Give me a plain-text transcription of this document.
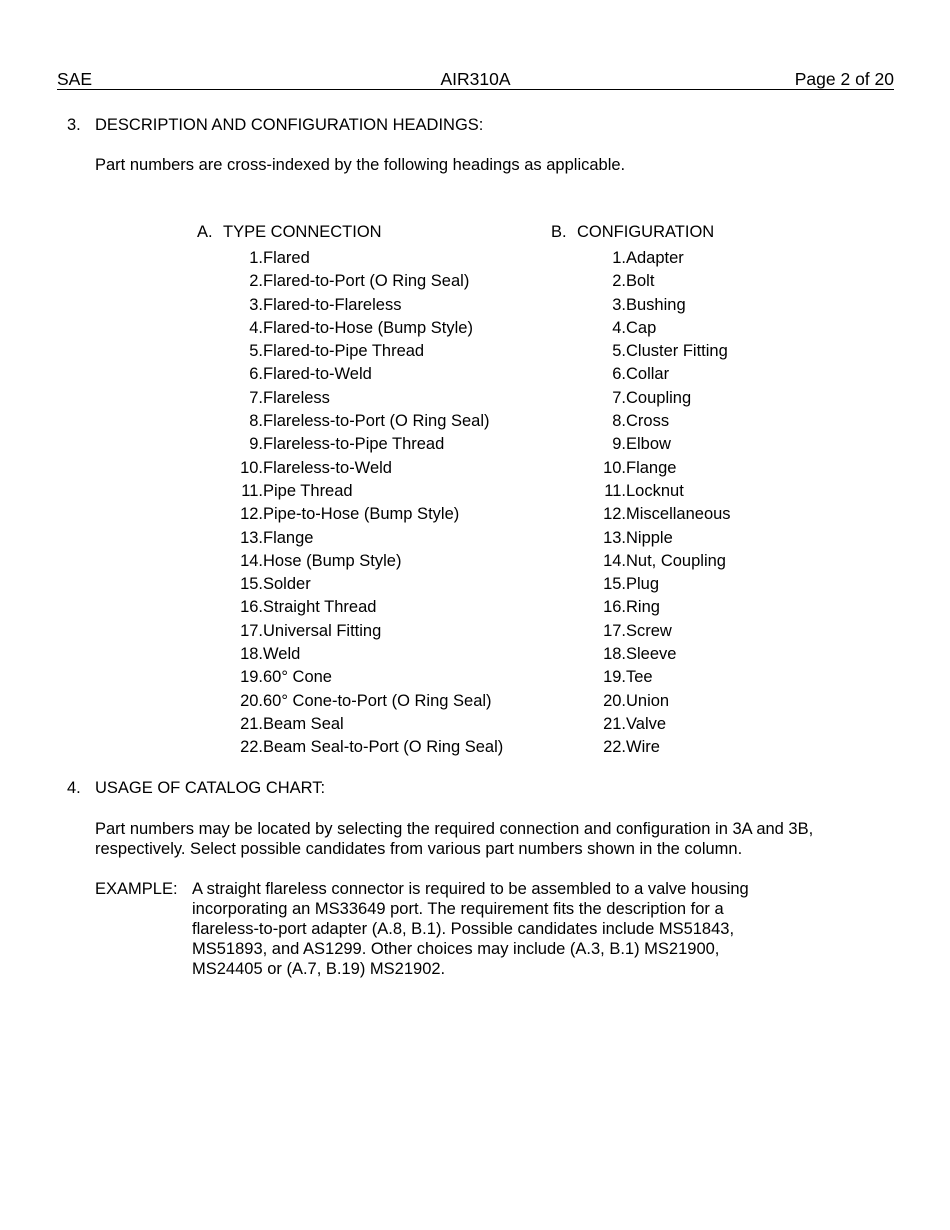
SAE	AIR310A	Page 2 of 20
3. DESCRIPTION AND CONFIGURATION HEADINGS:
Part numbers are cross-indexed by the following headings as applicable.
A. TYPE CONNECTION
1. Flared
2. Flared-to-Port (O Ring Seal)
3. Flared-to-Flareless
4. Flared-to-Hose (Bump Style)
5. Flared-to-Pipe Thread
6. Flared-to-Weld
7. Flareless
8. Flareless-to-Port (O Ring Seal)
9. Flareless-to-Pipe Thread
10. Flareless-to-Weld
11. Pipe Thread
12. Pipe-to-Hose (Bump Style)
13. Flange
14. Hose (Bump Style)
15. Solder
16. Straight Thread
17. Universal Fitting
18. Weld
19. 60° Cone
20. 60° Cone-to-Port (O Ring Seal)
21. Beam Seal
22. Beam Seal-to-Port (O Ring Seal)
B. CONFIGURATION
1. Adapter
2. Bolt
3. Bushing
4. Cap
5. Cluster Fitting
6. Collar
7. Coupling
8. Cross
9. Elbow
10. Flange
11. Locknut
12. Miscellaneous
13. Nipple
14. Nut, Coupling
15. Plug
16. Ring
17. Screw
18. Sleeve
19. Tee
20. Union
21. Valve
22. Wire
4. USAGE OF CATALOG CHART:
Part numbers may be located by selecting the required connection and configuration in 3A and 3B,
respectively. Select possible candidates from various part numbers shown in the column.
EXAMPLE: A straight flareless connector is required to be assembled to a valve housing
incorporating an MS33649 port. The requirement fits the description for a
flareless-to-port adapter (A.8, B.1). Possible candidates include MS51843,
MS51893, and AS1299. Other choices may include (A.3, B.1) MS21900,
MS24405 or (A.7, B.19) MS21902.
